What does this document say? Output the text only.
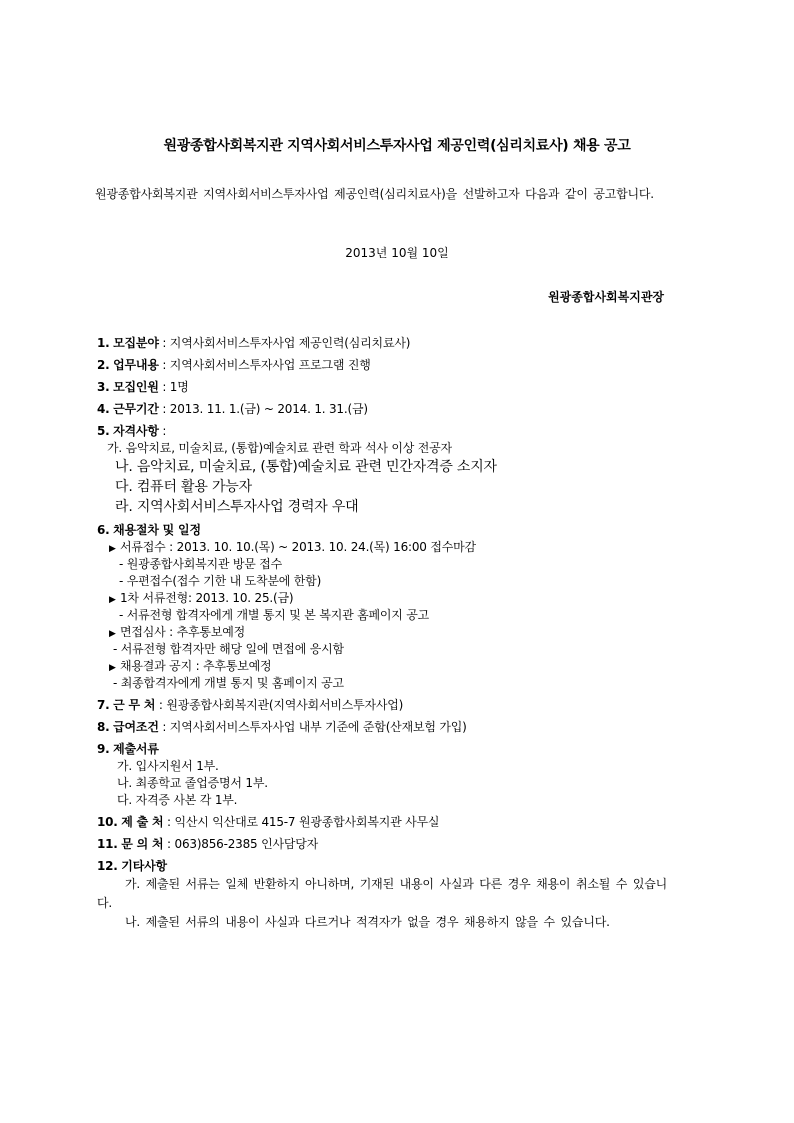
원광종합사회복지관 지역사회서비스투자사업 제공인력(심리치료사) 채용 공고
원광종합사회복지관 지역사회서비스투자사업 제공인력(심리치료사)을 선발하고자 다음과 같이 공고합니다.
2013년 10월 10일
원광종합사회복지관장
1. 모집분야 : 지역사회서비스투자사업 제공인력(심리치료사)
2. 업무내용 : 지역사회서비스투자사업 프로그램 진행
3. 모집인원 : 1명
4. 근무기간 : 2013. 11. 1.(금) ~ 2014. 1. 31.(금)
5. 자격사항 :
가. 음악치료, 미술치료, (통합)예술치료 관련 학과 석사 이상 전공자
나. 음악치료, 미술치료, (통합)예술치료 관련 민간자격증 소지자
다. 컴퓨터 활용 가능자
라. 지역사회서비스투자사업 경력자 우대
6. 채용절차 및 일정
▶ 서류접수 : 2013. 10. 10.(목) ~ 2013. 10. 24.(목) 16:00 접수마감
- 원광종합사회복지관 방문 접수
- 우편접수(접수 기한 내 도착분에 한함)
▶ 1차 서류전형: 2013. 10. 25.(금)
- 서류전형 합격자에게 개별 통지 및 본 복지관 홈페이지 공고
▶ 면접심사 : 추후통보예정
- 서류전형 합격자만 해당 일에 면접에 응시함
▶ 채용결과 공지 : 추후통보예정
- 최종합격자에게 개별 통지 및 홈페이지 공고
7. 근 무 처 : 원광종합사회복지관(지역사회서비스투자사업)
8. 급여조건 : 지역사회서비스투자사업 내부 기준에 준함(산재보험 가입)
9. 제출서류
가. 입사지원서 1부.
나. 최종학교 졸업증명서 1부.
다. 자격증 사본 각 1부.
10. 제 출 처 : 익산시 익산대로 415-7 원광종합사회복지관 사무실
11. 문 의 처 : 063)856-2385 인사담당자
12. 기타사항
가. 제출된 서류는 일체 반환하지 아니하며, 기재된 내용이 사실과 다른 경우 채용이 취소될 수 있습니다.
나. 제출된 서류의 내용이 사실과 다르거나 적격자가 없을 경우 채용하지 않을 수 있습니다.
